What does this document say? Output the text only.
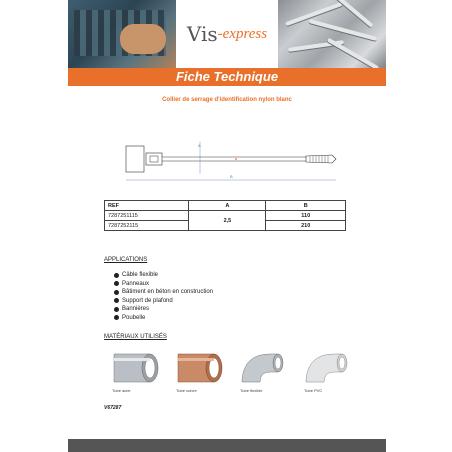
Vis -express
Fiche Technique
Collier de serrage d'identification nylon blanc
A
B
REF	A	B
7287251115	2,5	110
7287252115		210
APPLICATIONS
Câble flexible
Panneaux
Bâtiment en béton en construction
Support de plafond
Bannières
Poubelle
MATÉRIAUX UTILISÉS
Tube acier	Tube cuivre	Tube flexible	Tube PVC
V67287
